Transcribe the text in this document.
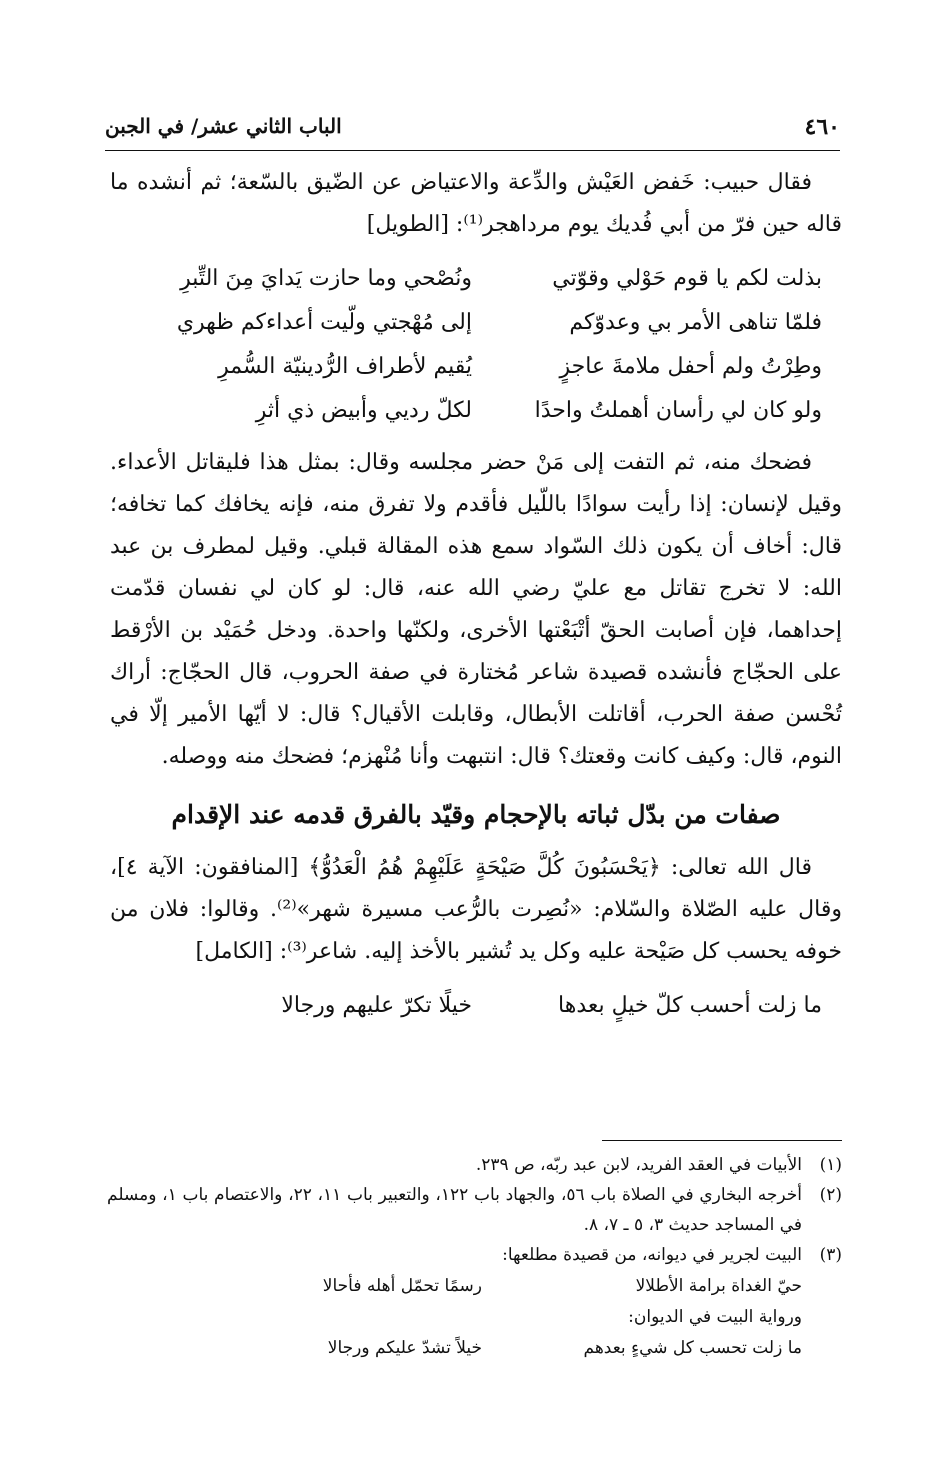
٤٦٠
الباب الثاني عشر/ في الجبن

فقال حبيب: خَفض العَيْش والدِّعة والاعتياض عن الضّيق بالسّعة؛ ثم أنشده ما قاله حين فرّ من أبي فُديك يوم مرداهجر⁽¹⁾: [الطويل]

بذلت لكم يا قوم حَوْلي وقوّتي
ونُصْحي وما حازت يَدايَ مِنَ التِّبرِ
فلمّا تناهى الأمر بي وعدوّكم
إلى مُهْجتي ولّيت أعداءكم ظهري
وطِرْتُ ولم أحفل ملامةَ عاجزٍ
يُقيم لأطراف الرُّدينيّة السُّمرِ
ولو كان لي رأسان أهملتُ واحدًا
لكلّ رديي وأبيض ذي أثرِ

فضحك منه، ثم التفت إلى مَنْ حضر مجلسه وقال: بمثل هذا فليقاتل الأعداء. وقيل لإنسان: إذا رأيت سوادًا باللّيل فأقدم ولا تفرق منه، فإنه يخافك كما تخافه؛ قال: أخاف أن يكون ذلك السّواد سمع هذه المقالة قبلي. وقيل لمطرف بن عبد الله: لا تخرج تقاتل مع عليّ رضي الله عنه، قال: لو كان لي نفسان قدّمت إحداهما، فإن أصابت الحقّ أتْبَعْتها الأخرى، ولكنّها واحدة. ودخل حُمَيْد بن الأرْقط على الحجّاج فأنشده قصيدة شاعر مُختارة في صفة الحروب، قال الحجّاج: أراك تُحْسن صفة الحرب، أقاتلت الأبطال، وقابلت الأقيال؟ قال: لا أيّها الأمير إلّا في النوم، قال: وكيف كانت وقعتك؟ قال: انتبهت وأنا مُنْهزم؛ فضحك منه ووصله.

صفات من بدّل ثباته بالإحجام وقيّد بالفرق قدمه عند الإقدام

قال الله تعالى: ﴿يَحْسَبُونَ كُلَّ صَيْحَةٍ عَلَيْهِمْ هُمُ الْعَدُوُّ﴾ [المنافقون: الآية ٤]، وقال عليه الصّلاة والسّلام: «نُصِرت بالرُّعب مسيرة شهر»⁽²⁾. وقالوا: فلان من خوفه يحسب كل صَيْحة عليه وكل يد تُشير بالأخذ إليه. شاعر⁽³⁾: [الكامل]

ما زلت أحسب كلّ خيلٍ بعدها
خيلًا تكرّ عليهم ورجالا
(١)
الأبيات في العقد الفريد، لابن عبد ربّه، ص ٢٣٩.
(٢)
أخرجه البخاري في الصلاة باب ٥٦، والجهاد باب ١٢٢، والتعبير باب ١١، ٢٢، والاعتصام باب ١، ومسلم في المساجد حديث ٣، ٥ ـ ٧، ٨.
(٣)
البيت لجرير في ديوانه، من قصيدة مطلعها:
حيّ الغداة برامة الأطلالا
رسمًا تحمّل أهله فأحالا
ورواية البيت في الديوان:
ما زلت تحسب كل شيءٍ بعدهم
خيلاً تشدّ عليكم ورجالا
